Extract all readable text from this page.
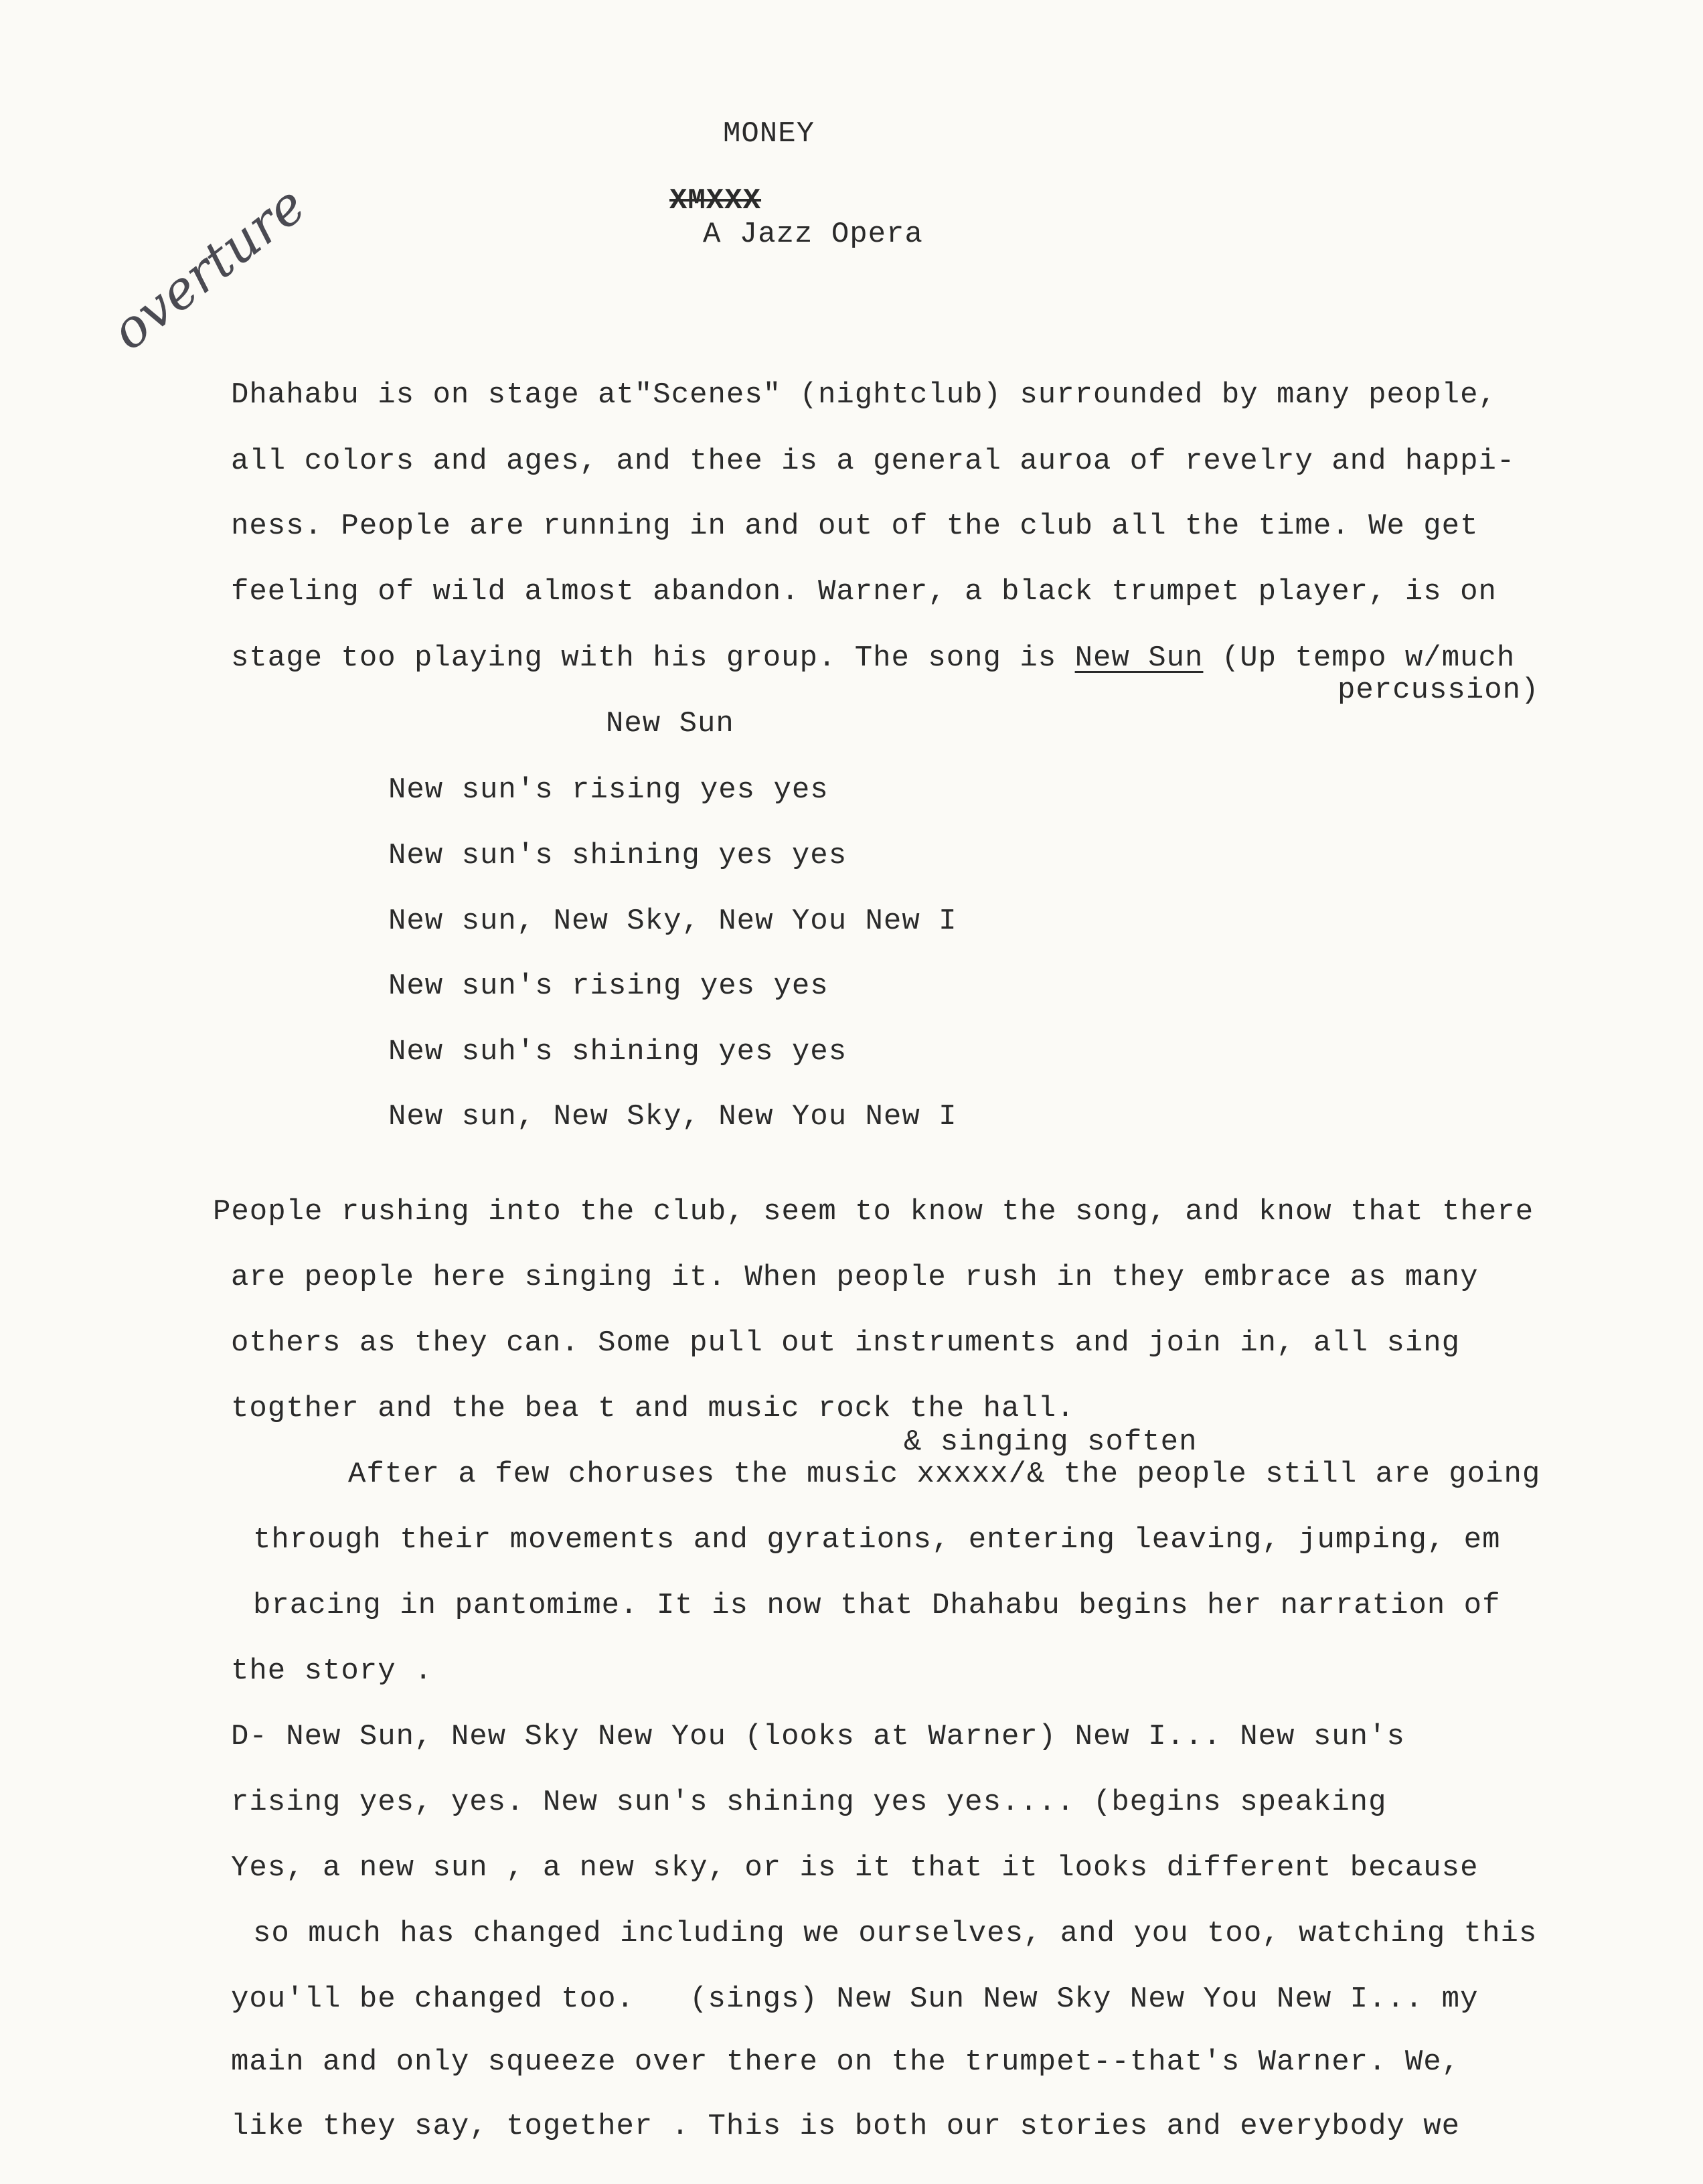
overture
MONEY
XMXXX
A Jazz Opera
Dhahabu is on stage at"Scenes" (nightclub) surrounded by many people,
all colors and ages, and thee is a general auroa of revelry and happi-
ness. People are running in and out of the club all the time. We get
feeling of wild almost abandon. Warner, a black trumpet player, is on
stage too playing with his group. The song is New Sun (Up tempo w/much
percussion)
New Sun
New sun's rising yes yes
New sun's shining yes yes
New sun, New Sky, New You New I
New sun's rising yes yes
New suh's shining yes yes
New sun, New Sky, New You New I
People rushing into the club, seem to know the song, and know that there
are people here singing it. When people rush in they embrace as many
others as they can. Some pull out instruments and join in, all sing
togther and the bea t and music rock the hall.
& singing soften
After a few choruses the music xxxxx/& the people still are going
through their movements and gyrations, entering leaving, jumping, em
bracing in pantomime. It is now that Dhahabu begins her narration of
the story .
D- New Sun, New Sky New You (looks at Warner) New I... New sun's
rising yes, yes. New sun's shining yes yes.... (begins speaking
Yes, a new sun , a new sky, or is it that it looks different because
so much has changed including we ourselves, and you too, watching this
you'll be changed too.   (sings) New Sun New Sky New You New I... my
main and only squeeze over there on the trumpet--that's Warner. We,
like they say, together . This is both our stories and everybody we
